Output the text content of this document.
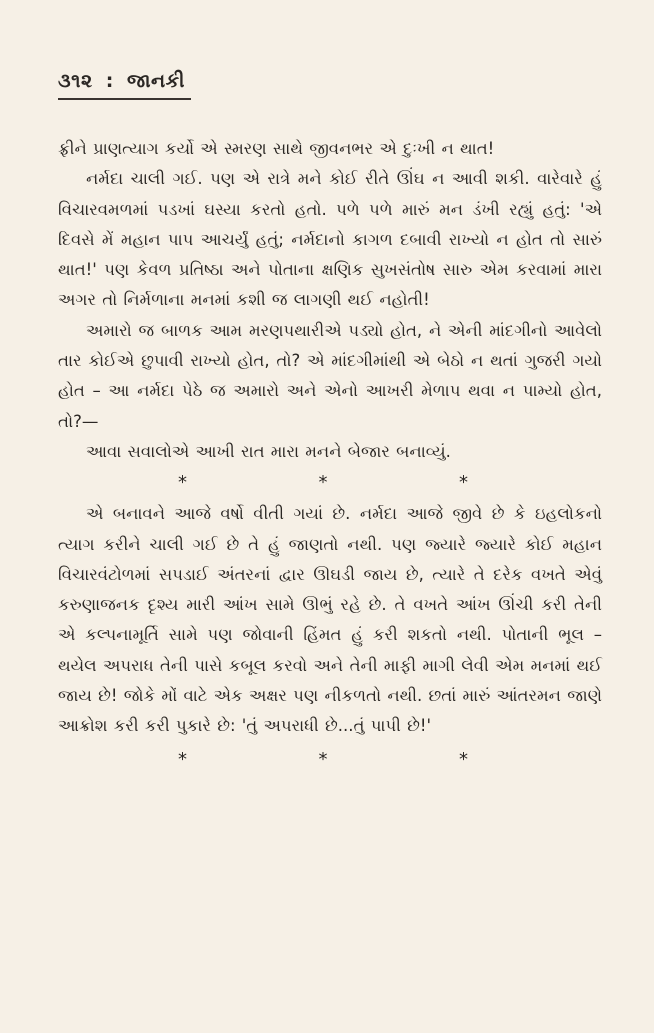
૩૧૨ : જાનકી

ફ્રીને પ્રાણત્યાગ કર્યો એ સ્મરણ સાથે જીવનભર એ દુઃખી ન થાત!

નર્મદા ચાલી ગઈ. પણ એ રાત્રે મને કોઈ રીતે ઊંઘ ન આવી શકી. વારેવારે હું વિચારવમળમાં પડખાં ઘસ્યા કરતો હતો. પળે પળે મારું મન ડંખી રહ્યું હતું: 'એ દિવસે મેં મહાન પાપ આચર્યું હતું; નર્મદાનો કાગળ દબાવી રાખ્યો ન હોત તો સારું થાત!' પણ કેવળ પ્રતિષ્ઠા અને પોતાના ક્ષણિક સુખસંતોષ સારુ એમ કરવામાં મારા અગર તો નિર્મળાના મનમાં કશી જ લાગણી થઈ નહોતી!

અમારો જ બાળક આમ મરણપથારીએ પડ્યો હોત, ને એની માંદગીનો આવેલો તાર કોઈએ છુપાવી રાખ્યો હોત, તો? એ માંદગીમાંથી એ બેઠો ન થતાં ગુજરી ગયો હોત – આ નર્મદા પેઠે જ અમારો અને એનો આખરી મેળાપ થવા ન પામ્યો હોત, તો?—

આવા સવાલોએ આખી રાત મારા મનને બેજાર બનાવ્યું.

*	*	*

એ બનાવને આજે વર્ષો વીતી ગયાં છે. નર્મદા આજે જીવે છે કે ઇહલોકનો ત્યાગ કરીને ચાલી ગઈ છે તે હું જાણતો નથી. પણ જ્યારે જ્યારે કોઈ મહાન વિચારવંટોળમાં સપડાઈ અંતરનાં દ્વાર ઊઘડી જાય છે, ત્યારે તે દરેક વખતે એવું કરુણાજનક દૃશ્ય મારી આંખ સામે ઊભું રહે છે. તે વખતે આંખ ઊંચી કરી તેની એ કલ્પનામૂર્તિ સામે પણ જોવાની હિંમત હું કરી શકતો નથી. પોતાની ભૂલ – થયેલ અપરાધ તેની પાસે કબૂલ કરવો અને તેની માફી માગી લેવી એમ મનમાં થઈ જાય છે! જોકે મોં વાટે એક અક્ષર પણ નીકળતો નથી. છતાં મારું આંતરમન જાણે આક્રોશ કરી કરી પુકારે છે: 'તું અપરાધી છે...તું પાપી છે!'

*	*	*
